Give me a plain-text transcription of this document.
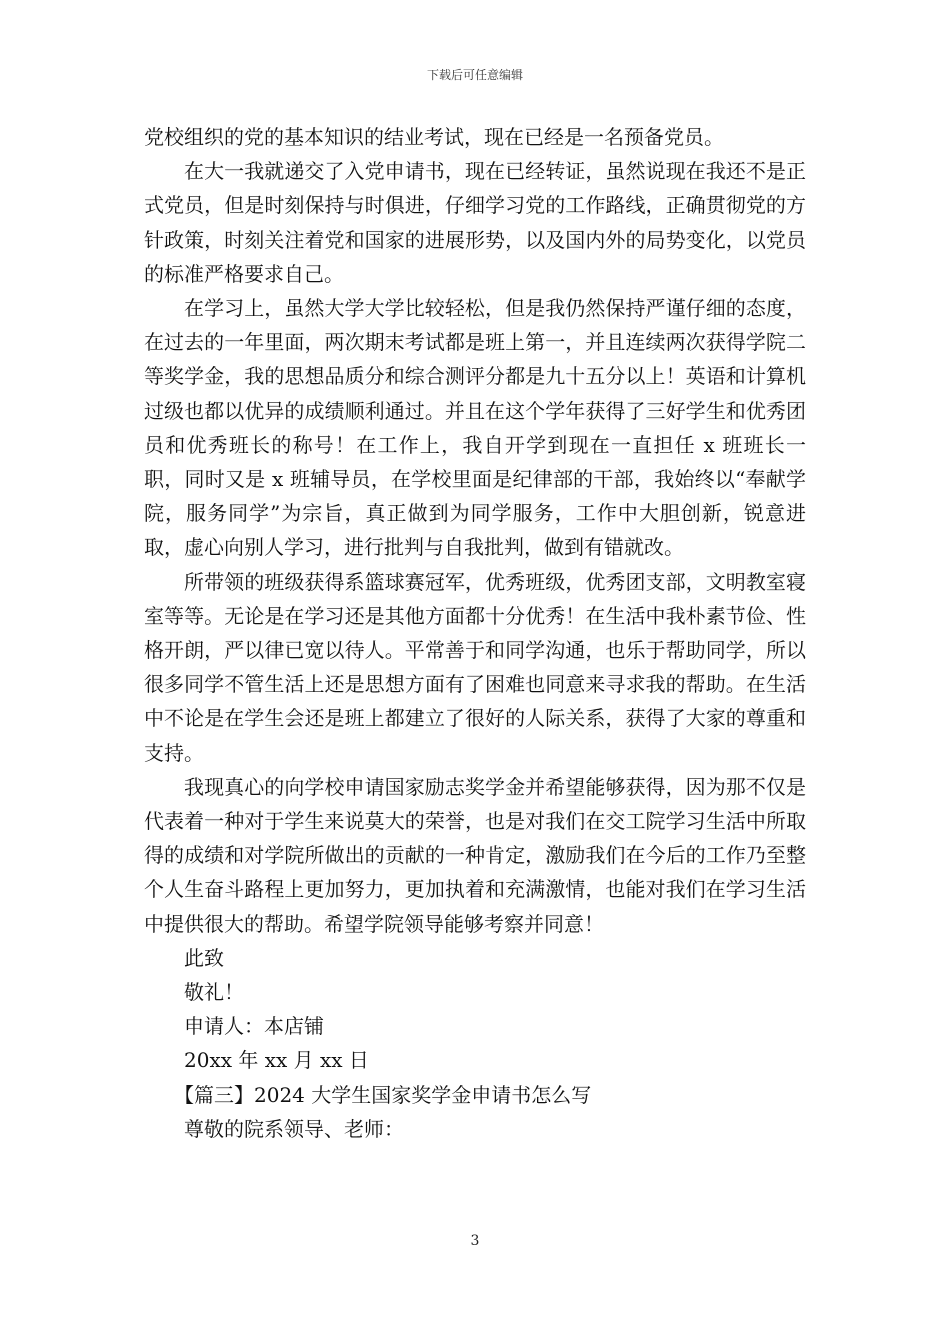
下载后可任意编辑

党校组织的党的基本知识的结业考试，现在已经是一名预备党员。

在大一我就递交了入党申请书，现在已经转证，虽然说现在我还不是正式党员，但是时刻保持与时俱进，仔细学习党的工作路线，正确贯彻党的方针政策，时刻关注着党和国家的进展形势，以及国内外的局势变化，以党员的标准严格要求自己。

在学习上，虽然大学大学比较轻松，但是我仍然保持严谨仔细的态度，在过去的一年里面，两次期末考试都是班上第一，并且连续两次获得学院二等奖学金，我的思想品质分和综合测评分都是九十五分以上！英语和计算机过级也都以优异的成绩顺利通过。并且在这个学年获得了三好学生和优秀团员和优秀班长的称号！在工作上，我自开学到现在一直担任 x 班班长一职，同时又是 x 班辅导员，在学校里面是纪律部的干部，我始终以“奉献学院，服务同学”为宗旨，真正做到为同学服务，工作中大胆创新，锐意进取，虚心向别人学习，进行批判与自我批判，做到有错就改。

所带领的班级获得系篮球赛冠军，优秀班级，优秀团支部，文明教室寝室等等。无论是在学习还是其他方面都十分优秀！在生活中我朴素节俭、性格开朗，严以律已宽以待人。平常善于和同学沟通，也乐于帮助同学，所以很多同学不管生活上还是思想方面有了困难也同意来寻求我的帮助。在生活中不论是在学生会还是班上都建立了很好的人际关系，获得了大家的尊重和支持。

我现真心的向学校申请国家励志奖学金并希望能够获得，因为那不仅是代表着一种对于学生来说莫大的荣誉，也是对我们在交工院学习生活中所取得的成绩和对学院所做出的贡献的一种肯定，激励我们在今后的工作乃至整个人生奋斗路程上更加努力，更加执着和充满激情，也能对我们在学习生活中提供很大的帮助。希望学院领导能够考察并同意！

此致

敬礼！

申请人：本店铺

20xx 年 xx 月 xx 日

【篇三】2024 大学生国家奖学金申请书怎么写

尊敬的院系领导、老师：

3
